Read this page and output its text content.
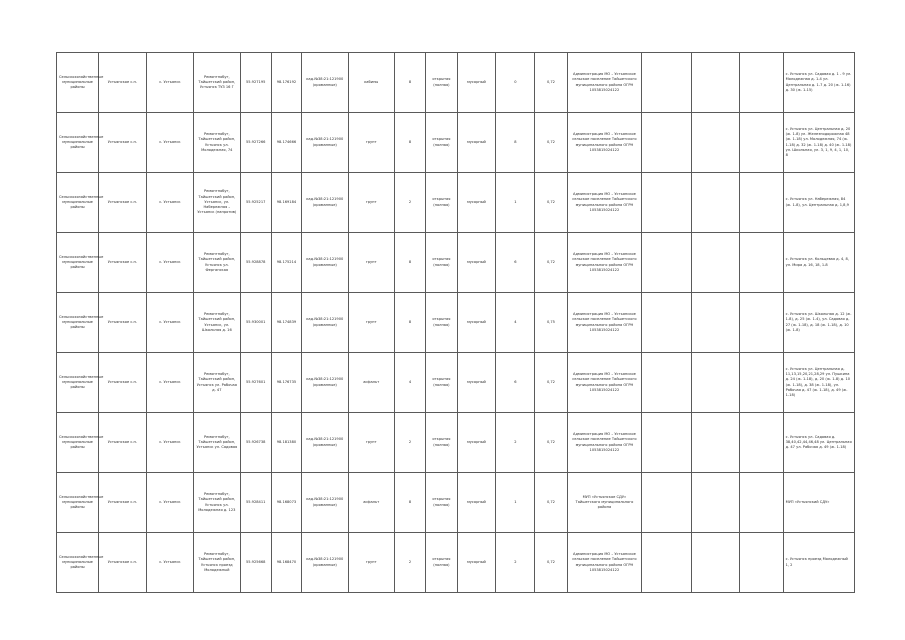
Сельскохозяйственные муниципальные районы	Устьянское с.п.	с. Устьянск	Ремонтнобуг, Тайшетский район, Устьянск ТУЗ 16 Г	55.927195	98.176192	кад.№38:21:121900 (кроманные)	кабины	8	открытая (полная)	мусорный	0	0,72	Администрация МО – Устьянское сельское поселение Тайшетского муниципального района ОГРН 1053815024122				с. Устьянск ул. Садовая д. 1 - 9 ул. Молодежная д. 1-4 ул. Центральная д. 1-7 д. 20 (ж. 1-16) д. 30 (ж. 1-15)
Сельскохозяйственные муниципальные районы	Устьянское с.п.	с. Устьянск	Ремонтнобуг, Тайшетский район, Устьянск ул. Молодежная, 74	55.927266	98.174666	кад.№38:21:121900 (кроманные)	грунт	8	открытая (полная)	мусорный	8	0,72	Администрация МО – Устьянское сельское поселение Тайшетского муниципального района ОГРН 1053815024122				с. Устьянск ул. Центральная д. 20 (ж. 1-8) ул. Железнодорожная 48 (ж. 1-18) ул. Молодежная, 74 (ж. 1-18) д. 32 (ж. 1-18) д. 40 (ж. 1-18) ул. Школьная, ул. 3, 1, 9, 4, 1, 10, 8
Сельскохозяйственные муниципальные районы	Устьянское с.п.	с. Устьянск	Ремонтнобуг, Тайшетский район, Устьянск, ул. Набережная – Устьянск (напротив)	55.925217	98.169184	кад.№38:21:121900 (кроманные)	грунт	2	открытая (полная)	мусорный	1	0,72	Администрация МО – Устьянское сельское поселение Тайшетского муниципального района ОГРН 1053815024122				с. Устьянск ул. Набережная, 84 (ж. 1-8), ул. Центральная д. 1,8,9
Сельскохозяйственные муниципальные районы	Устьянское с.п.	с. Устьянск	Ремонтнобуг, Тайшетский район, Устьянск ул. Ферганская	55.928878	98.175214	кад.№38:21:121900 (кроманные)	грунт	8	открытая (полная)	мусорный	6	0,72	Администрация МО – Устьянское сельское поселение Тайшетского муниципального района ОГРН 1053815024122				с. Устьянск ул. Кольцевая д. 4, 8, ул. Мира д. 16, 18, 1-8
Сельскохозяйственные муниципальные районы	Устьянское с.п.	с. Устьянск	Ремонтнобуг, Тайшетский район, Устьянск, ул. Школьная д. 16	55.930001	98.174839	кад.№38:21:121900 (кроманные)	грунт	8	открытая (полная)	мусорный	4	0,75	Администрация МО – Устьянское сельское поселение Тайшетского муниципального района ОГРН 1053815024122				с. Устьянск ул. Школьная д. 12 (ж. 1-8), д. 25 (ж. 1-4), ул. Садовая д. 27 (ж. 1-18), д. 18 (ж. 1-18), д. 10 (ж. 1-8)
Сельскохозяйственные муниципальные районы	Устьянское с.п.	с. Устьянск	Ремонтнобуг, Тайшетский район, Устьянск ул. Рабочая д. 47	55.927601	98.176735	кад.№38:21:121900 (кроманные)	асфальт	4	открытая (полная)	мусорный	6	0,72	Администрация МО – Устьянское сельское поселение Тайшетского муниципального района ОГРН 1053815024122				с. Устьянск ул. Центральная д. 11,13,15,20,21,28,29 ул. Пушкина д. 24 (ж. 1-18), д. 20 (ж. 1-8) д. 10 (ж. 1-18), д. 38 (ж. 1-18), ул. Рабочая д. 47 (ж. 1-18), д. 49 (ж. 1-18)
Сельскохозяйственные муниципальные районы	Устьянское с.п.	с. Устьянск	Ремонтнобуг, Тайшетский район, Устьянск ул. Садовая	55.926738	98.181380	кад.№38:21:121900 (кроманные)	грунт	2	открытая (полная)	мусорный	2	0,72	Администрация МО – Устьянское сельское поселение Тайшетского муниципального района ОГРН 1053815024122				с. Устьянск ул. Садовая д. 38,40,42,44,46,48 ул. Центральная д. 47 ул. Рабочая д. 49 (ж. 1-18)
Сельскохозяйственные муниципальные районы	Устьянское с.п.	с. Устьянск	Ремонтнобуг, Тайшетский район, Устьянск ул. Молодежная д. 123	55.928411	98.168073	кад.№38:21:121900 (кроманные)	асфальт	8	открытая (полная)	мусорный	1	0,72	МУП «Устьянское СДУ» Тайшетского муниципального района				МУП «Устьянский СДУ»
Сельскохозяйственные муниципальные районы	Устьянское с.п.	с. Устьянск	Ремонтнобуг, Тайшетский район, Устьянск проезд Молодежный	55.925668	98.168470	кад.№38:21:121900 (кроманные)	грунт	2	открытая (полная)	мусорный	2	0,72	Администрация МО – Устьянское сельское поселение Тайшетского муниципального района ОГРН 1053815024122				с. Устьянск проезд Молодежный 1, 2
